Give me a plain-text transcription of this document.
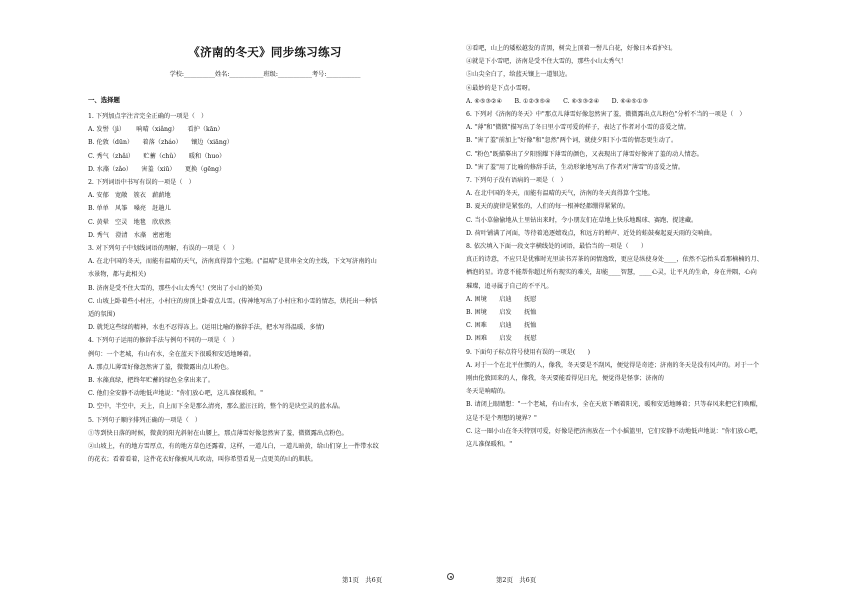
《济南的冬天》同步练习练习
学校:__________姓名:___________班级:___________考号:___________
一、选择题
1. 下列加点字注音完全正确的一项是（　）
A. 发髻（jì）　　 响晴（xiǎng）　　看护（kān）
B. 伦敦（dūn）　　着落（zháo）　　镶边（xiāng）
C. 秀气（zhǎi）　　贮蓄（chǔ）　　暖和（huo）
D. 水藻（zǎo）　　害羞（xiū）　　更换（gēng）
2. 下列词语中书写有误的一项是（　）
A. 安郁　宽敞　簇衣　薪薪地
B. 单单　风筝　嗓亮　赶趟儿
C. 黄晕　空灵　地毯　欣欣然
D. 秀气　澄清　水藻　密密地
3. 对下列句子中划线词语的理解，有误的一项是（　）
A. 在北中国的冬天，而能有温晴的天气，济南真得算个宝地。("温晴"是贯串全文的主线，下文写济南的山
水景物，都与此相关)
B. 济南是受不住大雪的，那些小山太秀气！(突出了小山的娇美)
C. 山坡上卧着些小村庄，小村庄的房顶上卧着点儿雪。(传神地写出了小村庄和小雪的情态，烘托出一种恬
适的氛围)
D. 就凭这些绿的精神，水也不忍得冻上。(运用比喻的修辞手法，把水写得温暖、多情)
4. 下列句子运用的修辞手法与例句不同的一项是（　）
例句：一个老城，有山有水，全在蓝天下很暖和安适地睡着。
A. 那点儿薄雪好像忽然害了羞，微微露出点儿粉色。
B. 水藻真绿，把终年贮蓄的绿色全拿出来了。
C. 他们全安静不动地低声地说："你们放心吧，这儿准保暖和。"
D. 空中，半空中，天上，自上而下全是那么清亮，那么蓝汪汪的，整个的是块空灵的蓝水晶。
5. 下列句子顺序排列正确的一项是（　）
①等到快日落的时候，微黄的阳光斜射在山腰上，那点薄雪好像忽然害了羞，微微露出点粉色。
②山坡上，有的地方雪厚点，有的地方草色还露着，这样，一道儿白，一道儿暗黄，给山们穿上一件带水纹
的花衣；看着看着，这件花衣好像被风儿吹动，叫你希望看见一点更美的山的肌肤。
③看吧，山上的矮松越发的青黑，树尖上顶着一髻儿白花，好像日本看护妇。
④就是下小雪吧，济南是受不住大雪的，那些小山太秀气！
⑤山尖全白了，给蓝天镶上一道银边。
⑥最妙的是下点小雪呀。
A. ⑥⑤③②④　　B. ①②③⑤④　　C. ⑥⑤③②④　　D. ⑥④⑤①③
6. 下列对《济南的冬天》中"那点儿薄雪好像忽然害了羞，微微露出点儿粉色"分析不当的一项是（　）
A. "薄"和"微微"描写出了冬日里小雪可爱的样子，表达了作者对小雪的喜爱之情。
B. "害了羞"前加上"好像"和"忽然"两个词，就使夕阳下小雪的情态更生动了。
C. "粉色"既描摹出了夕阳照耀下薄雪的颜色，又表现出了薄雪好像害了羞的动人情态。
D. "害了羞"用了比喻的修辞手法，生动形象地写出了作者对"薄雪"的喜爱之情。
7. 下列句子没有语病的一项是（　）
A. 在北中国的冬天，而能有温晴的天气，济南的冬天真得算个宝地。
B. 夏天的旋律是紧张的，人们的每一根神经都绷得紧紧的。
C. 当小草偷偷地从土里钻出来时，令小朋友们在草地上快乐地踢球、赛跑、捉迷藏。
D. 荷叶铺满了河面，等待着追逐嬉戏点，和远方的蝉声、近处的蛙鼓奏起夏天雨的交响曲。
8. 依次填入下面一段文字横线处的词语，最恰当的一项是（　　）
真正的诗意，不应只是优雅时光里读书弄茶的闲情逸致，更应是纵使身处____，依然不忘抬头看那楠楠的月、
栖泡的星。诗意不能帮你超过所有现实的难关，却能____智慧，____心灵，让平凡的生命，身在井隅，心向
璀璨，追寻属于自己的不平凡。
A. 困境　　启迪　　抚慰
B. 困境　　启发　　抚恤
C. 困难　　启迪　　抚恤
D. 困难　　启发　　抚慰
9. 下面句子标点符号使用有误的一项是(　　)
A. 对于一个在北平住惯的人，像我，冬天要是不刮风，便觉得是奇迹；济南的冬天是没有风声的。对于一个
刚由伦敦回来的人，像我，冬天要能看得见日光，便觉得是怪事；济南的
冬天是响晴的。
B. 请闭上眼睛想："一个老城，有山有水，全在天底下晒着阳光，暖和安适地睡着；只等春风来把它们唤醒，
这是不是个理想的境界？"
C. 这一圈小山在冬天特别可爱，好像是把济南放在一个小摇篮里，它们安静不动地低声地说："你们放心吧，
这儿准保暖和。"
第1页　共6页	第2页　共6页
